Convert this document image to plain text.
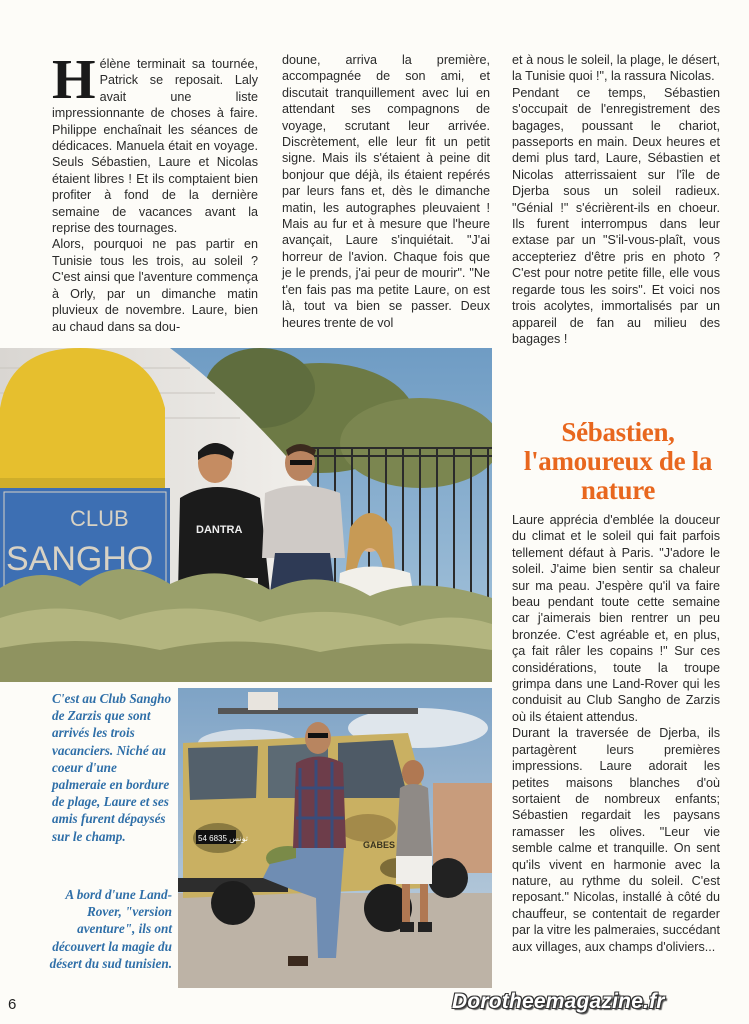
Hélène terminait sa tournée, Patrick se reposait. Laly avait une liste impressionnante de choses à faire. Philippe enchaînait les séances de dédicaces. Manuela était en voyage. Seuls Sébastien, Laure et Nicolas étaient libres ! Et ils comptaient bien profiter à fond de la dernière semaine de vacances avant la reprise des tournages.

Alors, pourquoi ne pas partir en Tunisie tous les trois, au soleil ? C'est ainsi que l'aventure commença à Orly, par un dimanche matin pluvieux de novembre. Laure, bien au chaud dans sa dou-

doune, arriva la première, accompagnée de son ami, et discutait tranquillement avec lui en attendant ses compagnons de voyage, scrutant leur arrivée. Discrètement, elle leur fit un petit signe. Mais ils s'étaient à peine dit bonjour que déjà, ils étaient repérés par leurs fans et, dès le dimanche matin, les autographes pleuvaient ! Mais au fur et à mesure que l'heure avançait, Laure s'inquiétait. "J'ai horreur de l'avion. Chaque fois que je le prends, j'ai peur de mourir". "Ne t'en fais pas ma petite Laure, on est là, tout va bien se passer. Deux heures trente de vol

et à nous le soleil, la plage, le désert, la Tunisie quoi !", la rassura Nicolas.

Pendant ce temps, Sébastien s'occupait de l'enregistrement des bagages, poussant le chariot, passeports en main. Deux heures et demi plus tard, Laure, Sébastien et Nicolas atterrissaient sur l'île de Djerba sous un soleil radieux. "Génial !" s'écrièrent-ils en choeur. Ils furent interrompus dans leur extase par un "S'il-vous-plaît, vous accepteriez d'être pris en photo ? C'est pour notre petite fille, elle vous regarde tous les soirs". Et voici nos trois acolytes, immortalisés par un appareil de fan au milieu des bagages !

Sébastien, l'amoureux de la nature

Laure apprécia d'emblée la douceur du climat et le soleil qui fait parfois tellement défaut à Paris. "J'adore le soleil. J'aime bien sentir sa chaleur sur ma peau. J'espère qu'il va faire beau pendant toute cette semaine car j'aimerais bien rentrer un peu bronzée. C'est agréable et, en plus, ça fait râler les copains !" Sur ces considérations, toute la troupe grimpa dans une Land-Rover qui les conduisit au Club Sangho de Zarzis où ils étaient attendus.

Durant la traversée de Djerba, ils partagèrent leurs premières impressions. Laure adorait les petites maisons blanches d'où sortaient de nombreux enfants; Sébastien regardait les paysans ramasser les olives. "Leur vie semble calme et tranquille. On sent qu'ils vivent en harmonie avec la nature, au rythme du soleil. C'est reposant." Nicolas, installé à côté du chauffeur, se contentait de regarder par la vitre les palmeraies, succédant aux villages, aux champs d'oliviers...

CLUB
SANGHO
DANTRA
54 تونس 6835
GABES
C'est au Club Sangho de Zarzis que sont arrivés les trois vacanciers. Niché au coeur d'une palmeraie en bordure de plage, Laure et ses amis furent dépaysés sur le champ.
A bord d'une Land-Rover, "version aventure", ils ont découvert la magie du désert du sud tunisien.
6	Dorotheemagazine.fr
